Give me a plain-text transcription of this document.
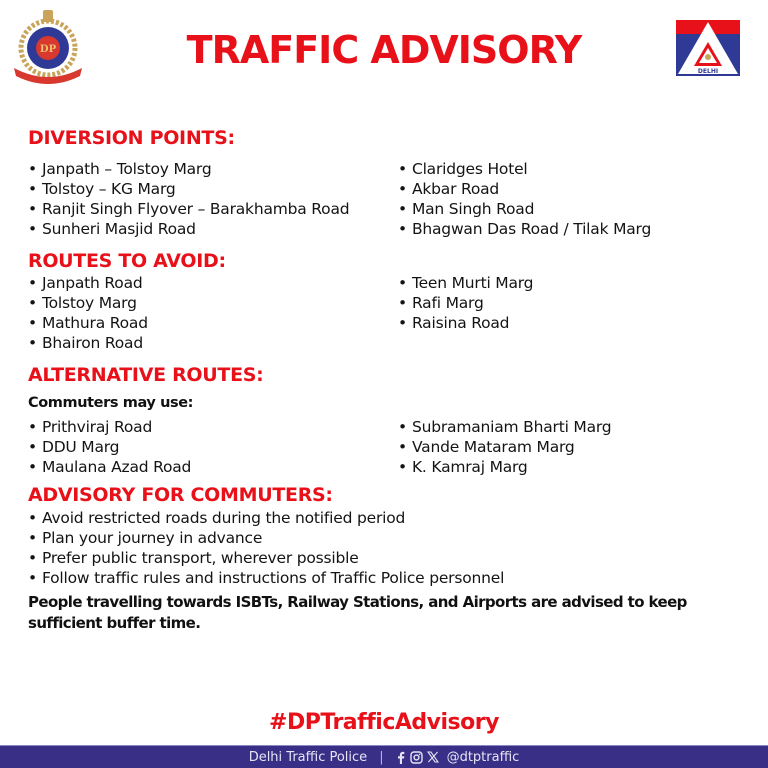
DP	TRAFFIC ADVISORY	DELHI
DIVERSION POINTS:
• Janpath – Tolstoy Marg
• Tolstoy – KG Marg
• Ranjit Singh Flyover – Barakhamba Road
• Sunheri Masjid Road
• Claridges Hotel
• Akbar Road
• Man Singh Road
• Bhagwan Das Road / Tilak Marg
ROUTES TO AVOID:
• Janpath Road
• Tolstoy Marg
• Mathura Road
• Bhairon Road
• Teen Murti Marg
• Rafi Marg
• Raisina Road
ALTERNATIVE ROUTES:
Commuters may use:
• Prithviraj Road
• DDU Marg
• Maulana Azad Road
• Subramaniam Bharti Marg
• Vande Mataram Marg
• K. Kamraj Marg
ADVISORY FOR COMMUTERS:
• Avoid restricted roads during the notified period
• Plan your journey in advance
• Prefer public transport, wherever possible
• Follow traffic rules and instructions of Traffic Police personnel
People travelling towards ISBTs, Railway Stations, and Airports are advised to keep sufficient buffer time.
#DPTrafficAdvisory
Delhi Traffic Police |	@dtptraffic
